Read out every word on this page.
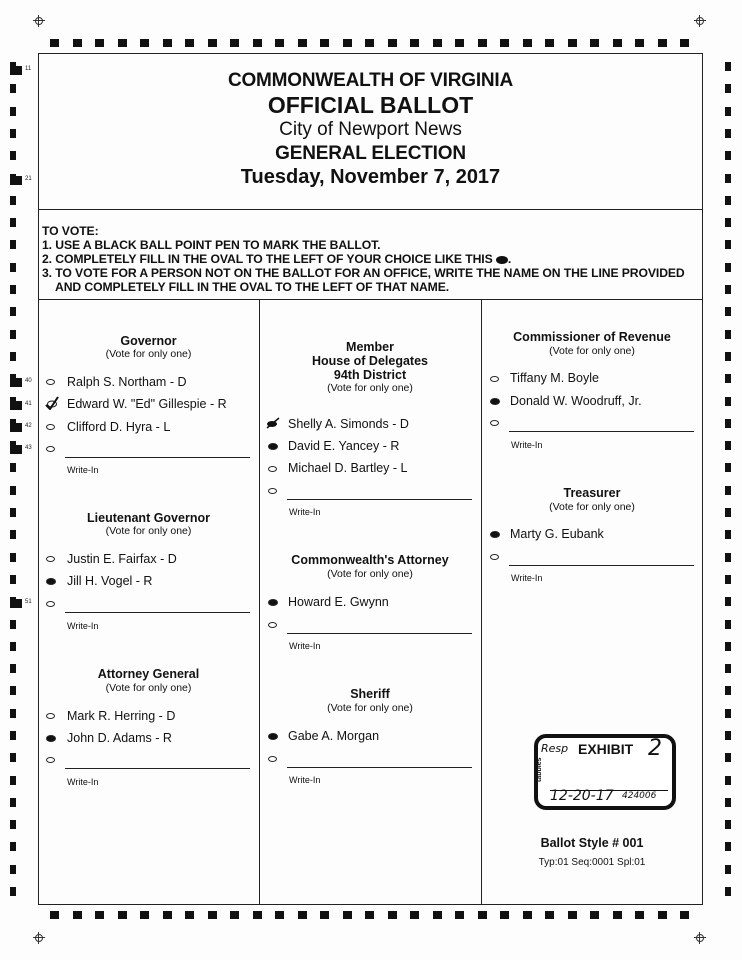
11
21
40
41
42
43
51
COMMONWEALTH OF VIRGINIA
OFFICIAL BALLOT
City of Newport News
GENERAL ELECTION
Tuesday, November 7, 2017
TO VOTE:
1. USE A BLACK BALL POINT PEN TO MARK THE BALLOT.
2. COMPLETELY FILL IN THE OVAL TO THE LEFT OF YOUR CHOICE LIKE THIS .
3. TO VOTE FOR A PERSON NOT ON THE BALLOT FOR AN OFFICE, WRITE THE NAME ON THE LINE PROVIDED
AND COMPLETELY FILL IN THE OVAL TO THE LEFT OF THAT NAME.
Governor
(Vote for only one)
Ralph S. Northam - D
Edward W. "Ed" Gillespie - R
Clifford D. Hyra - L
Write-In
Lieutenant Governor
(Vote for only one)
Justin E. Fairfax - D
Jill H. Vogel - R
Write-In
Attorney General
(Vote for only one)
Mark R. Herring - D
John D. Adams - R
Write-In
Member
House of Delegates
94th District
(Vote for only one)
Shelly A. Simonds - D
David E. Yancey - R
Michael D. Bartley - L
Write-In
Commonwealth's Attorney
(Vote for only one)
Howard E. Gwynn
Write-In
Sheriff
(Vote for only one)
Gabe A. Morgan
Write-In
Commissioner of Revenue
(Vote for only one)
Tiffany M. Boyle
Donald W. Woodruff, Jr.
Write-In
Treasurer
(Vote for only one)
Marty G. Eubank
Write-In
Resp EXHIBIT 2
tabbies
12-20-17 424006
Ballot Style # 001
Typ:01 Seq:0001 Spl:01
